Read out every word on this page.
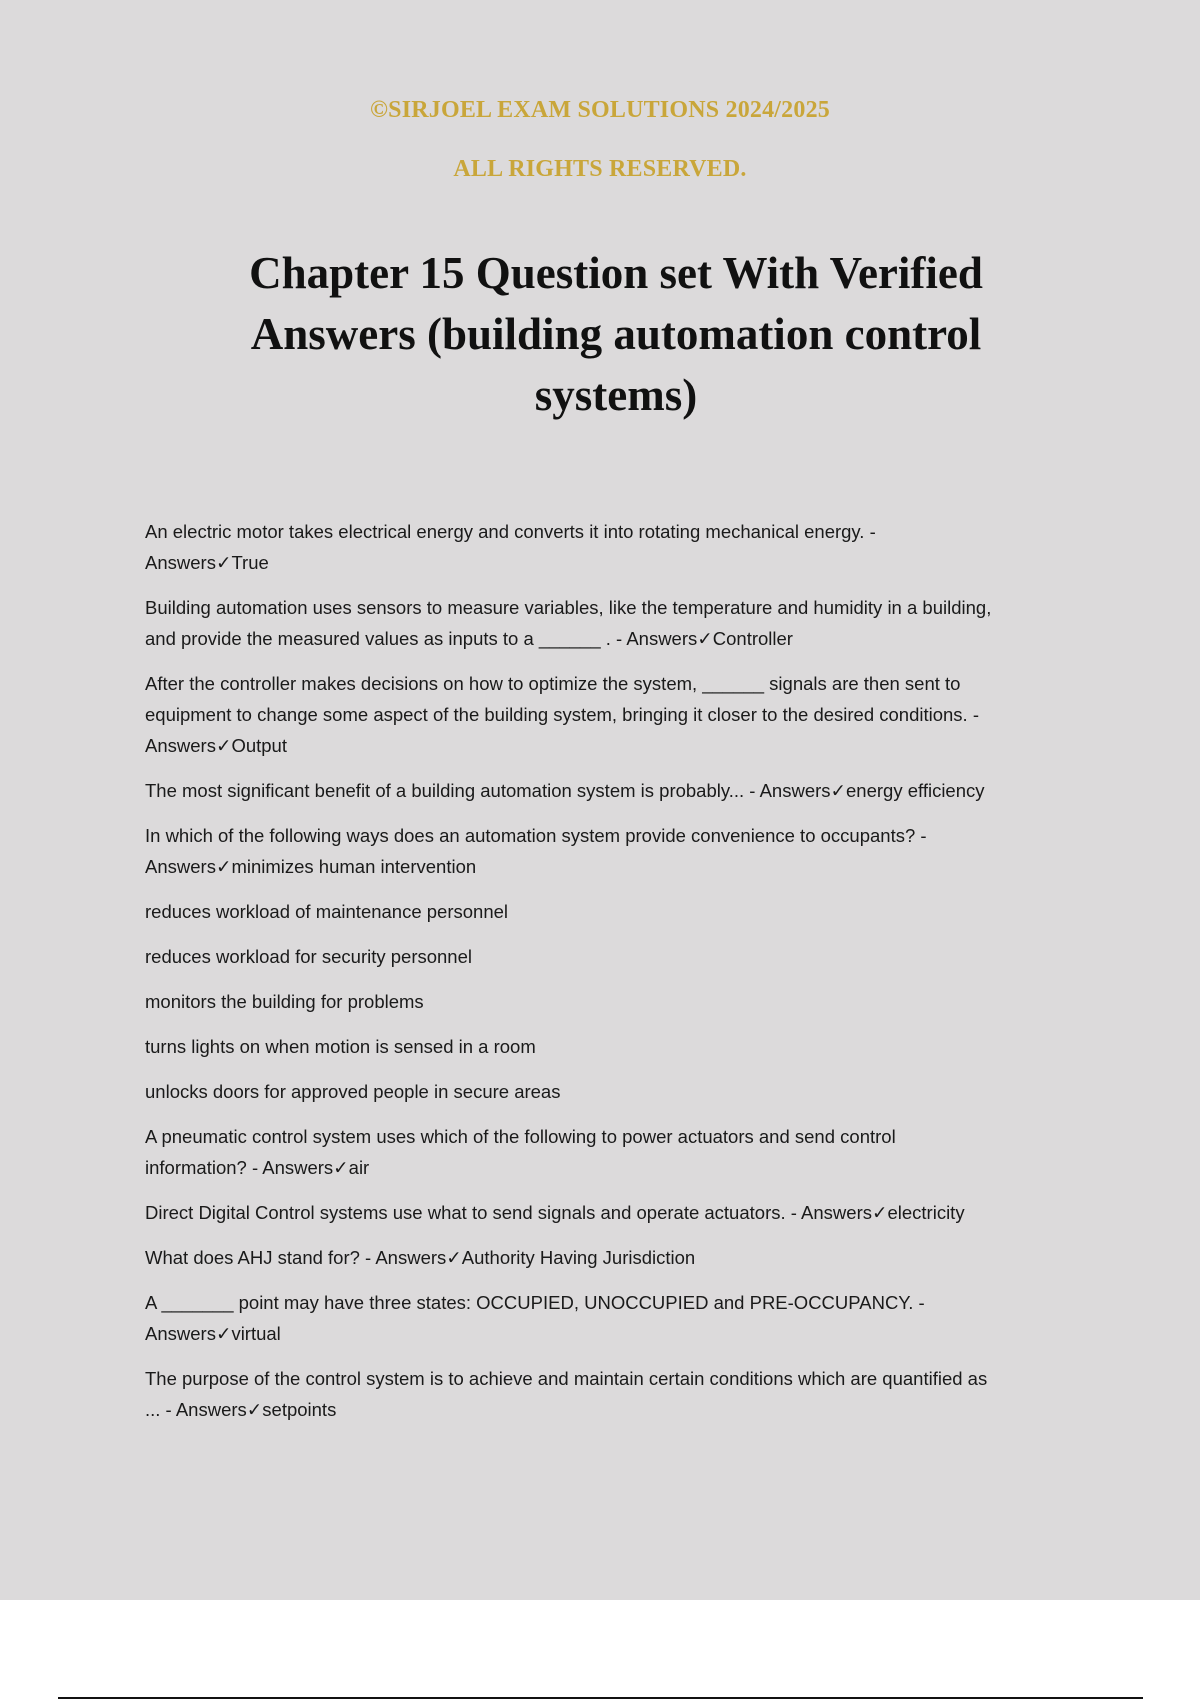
©SIRJOEL EXAM SOLUTIONS 2024/2025
ALL RIGHTS RESERVED.
Chapter 15 Question set With Verified
Answers (building automation control
systems)

An electric motor takes electrical energy and converts it into rotating mechanical energy. -
Answers✓True

Building automation uses sensors to measure variables, like the temperature and humidity in a building,
and provide the measured values as inputs to a ______ . - Answers✓Controller

After the controller makes decisions on how to optimize the system, ______ signals are then sent to
equipment to change some aspect of the building system, bringing it closer to the desired conditions. -
Answers✓Output

The most significant benefit of a building automation system is probably... - Answers✓energy efficiency

In which of the following ways does an automation system provide convenience to occupants? -
Answers✓minimizes human intervention

reduces workload of maintenance personnel

reduces workload for security personnel

monitors the building for problems

turns lights on when motion is sensed in a room

unlocks doors for approved people in secure areas

A pneumatic control system uses which of the following to power actuators and send control
information? - Answers✓air

Direct Digital Control systems use what to send signals and operate actuators. - Answers✓electricity

What does AHJ stand for? - Answers✓Authority Having Jurisdiction

A _______ point may have three states: OCCUPIED, UNOCCUPIED and PRE-OCCUPANCY. -
Answers✓virtual

The purpose of the control system is to achieve and maintain certain conditions which are quantified as
... - Answers✓setpoints
